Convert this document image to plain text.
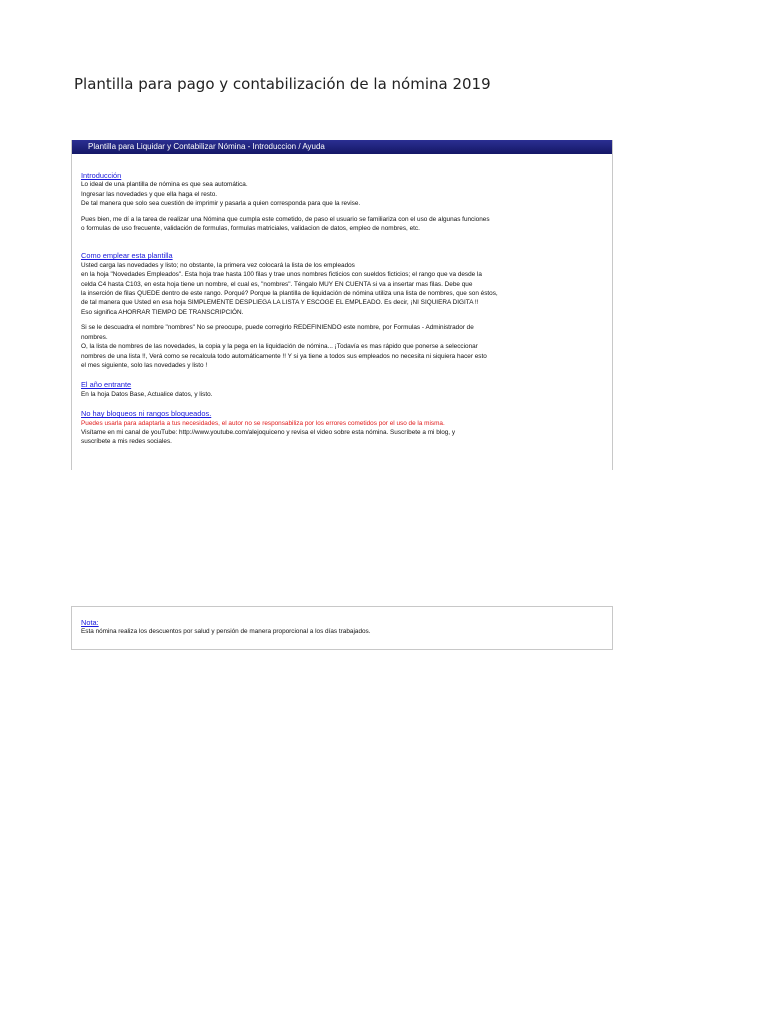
Plantilla para pago y contabilización de la nómina 2019
Plantilla para Liquidar y Contabilizar Nómina - Introduccion / Ayuda
Introducción
Lo ideal de una plantilla de nómina es que sea automática.
Ingresar las novedades y que ella haga el resto.
De tal manera que solo sea cuestión de imprimir y pasarla a quien corresponda para que la revise.
Pues bien, me dí a la tarea de realizar una Nómina que cumpla este cometido, de paso el usuario se familiariza con el uso de algunas funciones
o formulas de uso frecuente, validación de formulas, formulas matriciales, validacion de datos, empleo de nombres, etc.
Como emplear esta plantilla
Usted carga las novedades y listo; no obstante, la primera vez colocará la lista de los empleados
en la hoja "Novedades Empleados". Esta hoja trae hasta 100 filas y trae unos nombres ficticios con sueldos ficticios; el rango que va desde la
celda C4 hasta C103, en esta hoja tiene un nombre, el cual es, "nombres". Téngalo MUY EN CUENTA si va a insertar mas filas. Debe que
la inserción de filas QUEDE dentro de este rango. Porqué? Porque la plantilla de liquidación de nómina utiliza una lista de nombres, que son éstos,
de tal manera que Usted en esa hoja SIMPLEMENTE DESPLIEGA LA LISTA Y ESCOGE EL EMPLEADO. Es decir, ¡NI SIQUIERA DIGITA !!
Eso significa AHORRAR TIEMPO DE TRANSCRIPCIÓN.
Si se le descuadra el nombre "nombres" No se preocupe, puede corregirlo REDEFINIENDO este nombre, por Formulas - Administrador de
nombres.
O, la lista de nombres de las novedades, la copia y la pega en la liquidación de nómina... ¡Todavía es mas rápido que ponerse a seleccionar
nombres de una lista !!, Verá como se recalcula todo automáticamente !! Y si ya tiene a todos sus empleados no necesita ni siquiera hacer esto
el mes siguiente, solo las novedades y listo !
El año entrante
En la hoja Datos Base, Actualice datos, y listo.
No hay bloqueos ni rangos bloqueados.
Puedes usarla para adaptarla a tus necesidades, el autor no se responsabiliza por los errores cometidos por el uso de la misma.
Visítame en mi canal de youTube: http://www.youtube.com/alejoquiceno y revisa el video sobre esta nómina. Suscríbete a mi blog, y
suscríbete a mis redes sociales.
Nota:
Esta nómina realiza los descuentos por salud y pensión de manera proporcional a los días trabajados.
